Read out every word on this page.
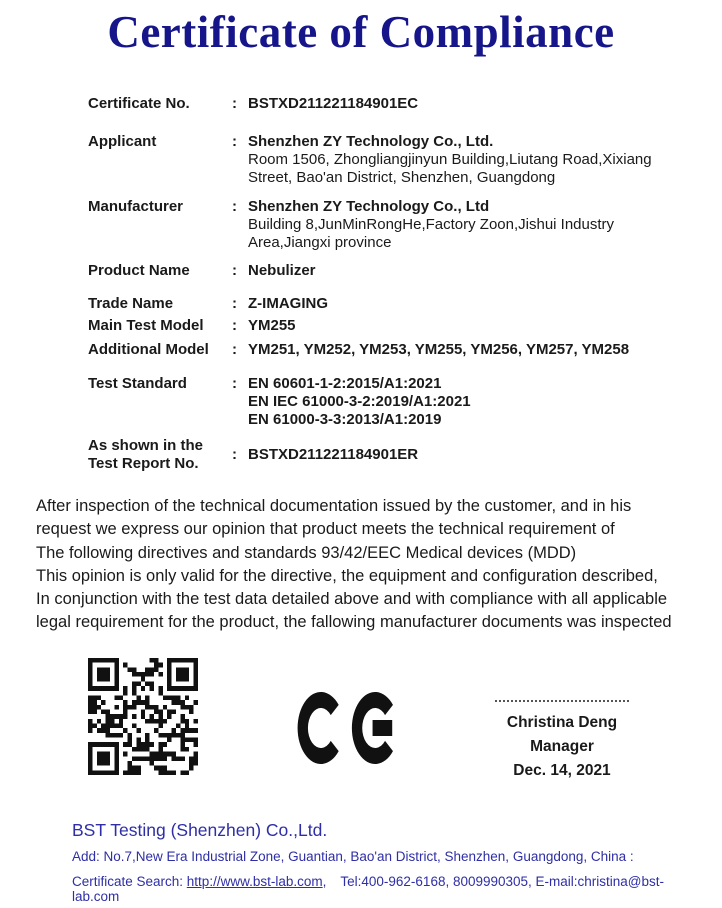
Certificate of Compliance
Certificate No.	: BSTXD211221184901EC
Applicant	: Shenzhen ZY Technology Co., Ltd.
Room 1506, Zhongliangjinyun Building,Liutang Road,Xixiang
Street, Bao'an District, Shenzhen, Guangdong
Manufacturer	: Shenzhen ZY Technology Co., Ltd
Building 8,JunMinRongHe,Factory Zoon,Jishui Industry
Area,Jiangxi province
Product Name	: Nebulizer
Trade Name	: Z-IMAGING
Main Test Model	: YM255
Additional Model	: YM251, YM252, YM253, YM255, YM256, YM257, YM258
Test Standard	: EN 60601-1-2:2015/A1:2021
EN IEC 61000-3-2:2019/A1:2021
EN 61000-3-3:2013/A1:2019
As shown in the
Test Report No.
: BSTXD211221184901ER
After inspection of the technical documentation issued by the customer, and in his
request we express our opinion that product meets the technical requirement of
The following directives and standards 93/42/EEC Medical devices (MDD)
This opinion is only valid for the directive, the equipment and configuration described,
In conjunction with the test data detailed above and with compliance with all applicable
legal requirement for the product, the fallowing manufacturer documents was inspected
Christina Deng
Manager
Dec. 14, 2021
BST Testing (Shenzhen) Co.,Ltd.
Add: No.7,New Era Industrial Zone, Guantian, Bao'an District, Shenzhen, Guangdong, China :
Certificate Search: http://www.bst-lab.com, Tel:400-962-6168, 8009990305, E-mail:christina@bst-lab.com
